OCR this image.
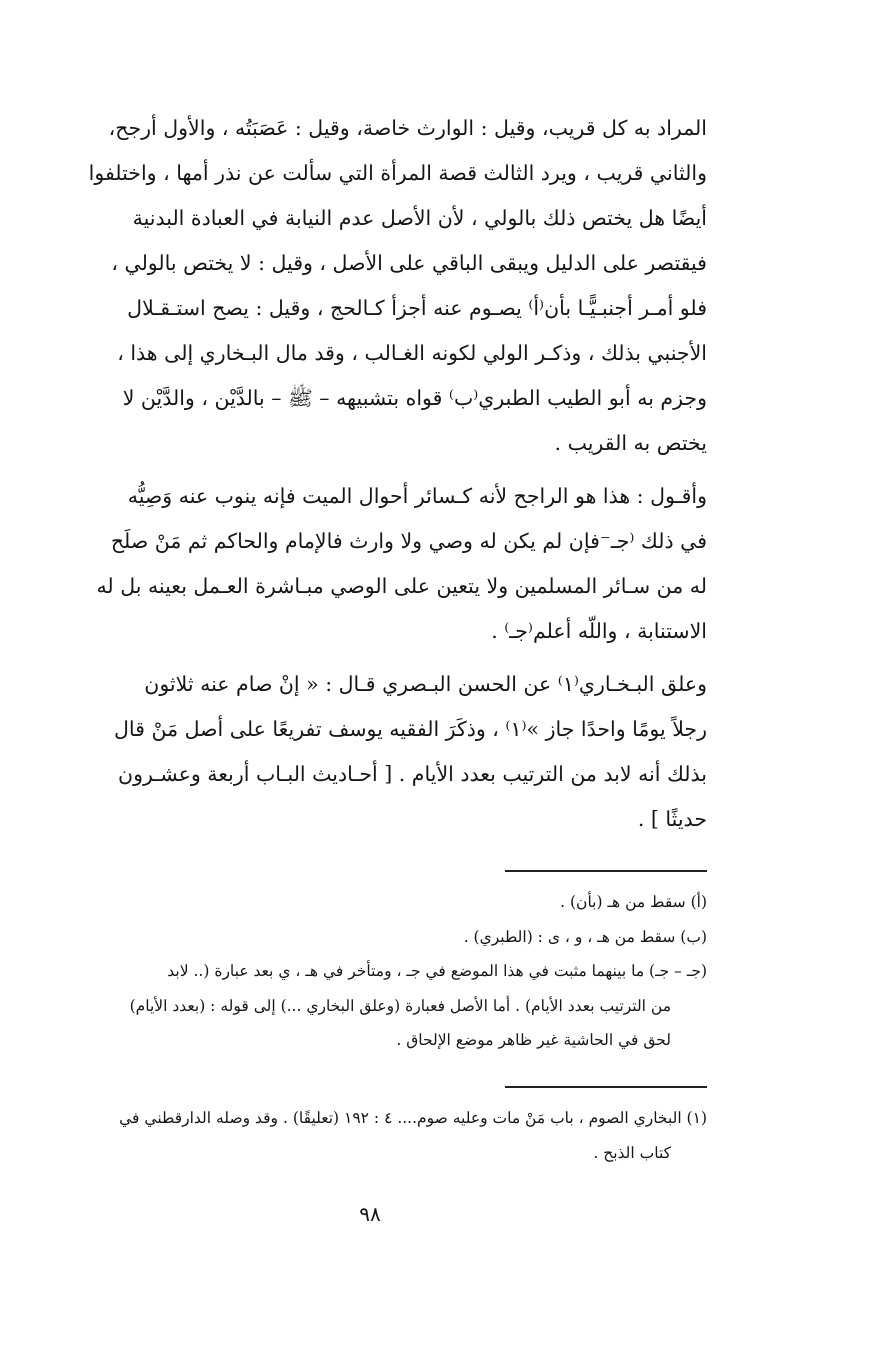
المراد به كل قريب، وقيل : الوارث خاصة، وقيل : عَصَبَتُه ، والأول أرجح،
والثاني قريب ، ويرد الثالث قصة المرأة التي سألت عن نذر أمها ، واختلفوا
أيضًا هل يختص ذلك بالولي ، لأن الأصل عدم النيابة في العبادة البدنية
فيقتصر على الدليل ويبقى الباقي على الأصل ، وقيل : لا يختص بالولي ،
فلو أمـر أجنبـيًّـا بأن⁽أ⁾ يصـوم عنه أجزأ كـالحج ، وقيل : يصح استـقـلال
الأجنبي بذلك ، وذكـر الولي لكونه الغـالب ، وقد مال البـخاري إلى هذا ،
وجزم به أبو الطيب الطبري⁽ب⁾ قواه بتشبيهه – ﷺ – بالدَّيْن ، والدَّيْن لا
يختص به القريب .
وأقـول : هذا هو الراجح لأنه كـسائر أحوال الميت فإنه ينوب عنه وَصِيُّه
في ذلك ⁽جـ⁻فإن لم يكن له وصي ولا وارث فالإمام والحاكم ثم مَنْ صلَح
له من سـائر المسلمين ولا يتعين على الوصي مبـاشرة العـمل بعينه بل له
الاستنابة ، واللّه أعلم⁽جـ⁾ .
وعلق البـخـاري⁽١⁾ عن الحسن البـصري قـال : « إنْ صام عنه ثلاثون
رجلاً يومًا واحدًا جاز »⁽١⁾ ، وذكَرَ الفقيه يوسف تفريعًا على أصل مَنْ قال
بذلك أنه لابد من الترتيب بعدد الأيام . [ أحـاديث البـاب أربعة وعشـرون
حديثًا ] .
(أ) سقط من هـ (بأن) .
(ب) سقط من هـ ، و ، ى : (الطبري) .
(جـ – جـ) ما بينهما مثبت في هذا الموضع في جـ ، ومتأخر في هـ ، ي بعد عبارة (.. لابد
من الترتيب بعدد الأيام) . أما الأصل فعبارة (وعلق البخاري ...) إلى قوله : (بعدد الأيام)
لحق في الحاشية غير ظاهر موضع الإلحاق .
(١) البخاري الصوم ، باب مَنْ مات وعليه صوم.... ٤ : ١٩٢ (تعليقًا) . وقد وصله الدارقطني في
كتاب الذبح .
٩٨
